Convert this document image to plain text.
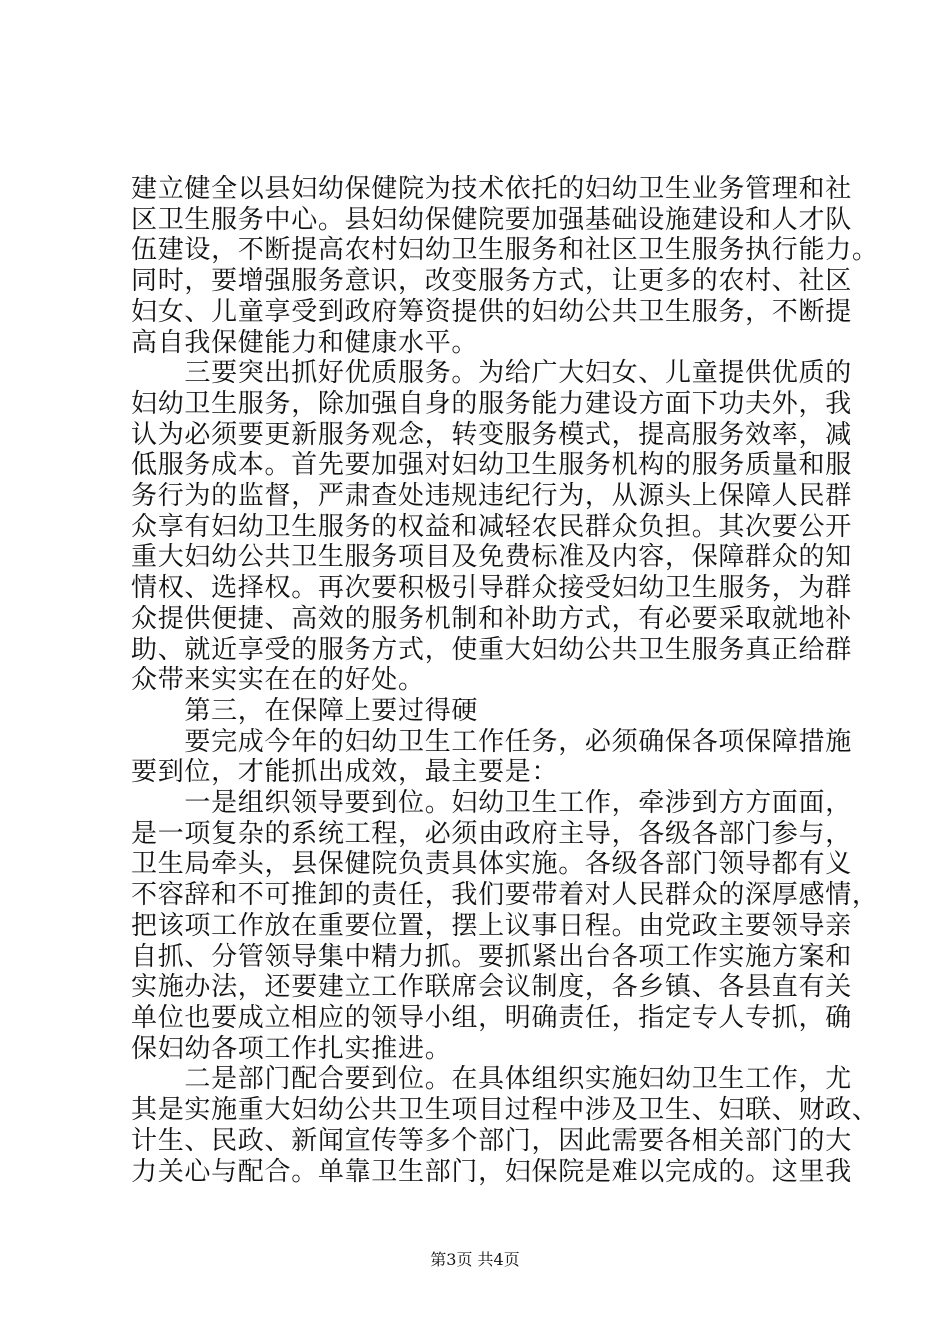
建立健全以县妇幼保健院为技术依托的妇幼卫生业务管理和社
区卫生服务中心。县妇幼保健院要加强基础设施建设和人才队
伍建设，不断提高农村妇幼卫生服务和社区卫生服务执行能力。
同时，要增强服务意识，改变服务方式，让更多的农村、社区
妇女、儿童享受到政府筹资提供的妇幼公共卫生服务，不断提
高自我保健能力和健康水平。
　　三要突出抓好优质服务。为给广大妇女、儿童提供优质的
妇幼卫生服务，除加强自身的服务能力建设方面下功夫外，我
认为必须要更新服务观念，转变服务模式，提高服务效率，减
低服务成本。首先要加强对妇幼卫生服务机构的服务质量和服
务行为的监督，严肃查处违规违纪行为，从源头上保障人民群
众享有妇幼卫生服务的权益和减轻农民群众负担。其次要公开
重大妇幼公共卫生服务项目及免费标准及内容，保障群众的知
情权、选择权。再次要积极引导群众接受妇幼卫生服务，为群
众提供便捷、高效的服务机制和补助方式，有必要采取就地补
助、就近享受的服务方式，使重大妇幼公共卫生服务真正给群
众带来实实在在的好处。
　　第三，在保障上要过得硬
　　要完成今年的妇幼卫生工作任务，必须确保各项保障措施
要到位，才能抓出成效，最主要是：
　　一是组织领导要到位。妇幼卫生工作，牵涉到方方面面，
是一项复杂的系统工程，必须由政府主导，各级各部门参与，
卫生局牵头，县保健院负责具体实施。各级各部门领导都有义
不容辞和不可推卸的责任，我们要带着对人民群众的深厚感情，
把该项工作放在重要位置，摆上议事日程。由党政主要领导亲
自抓、分管领导集中精力抓。要抓紧出台各项工作实施方案和
实施办法，还要建立工作联席会议制度，各乡镇、各县直有关
单位也要成立相应的领导小组，明确责任，指定专人专抓，确
保妇幼各项工作扎实推进。
　　二是部门配合要到位。在具体组织实施妇幼卫生工作，尤
其是实施重大妇幼公共卫生项目过程中涉及卫生、妇联、财政、
计生、民政、新闻宣传等多个部门，因此需要各相关部门的大
力关心与配合。单靠卫生部门，妇保院是难以完成的。这里我
第3页 共4页
